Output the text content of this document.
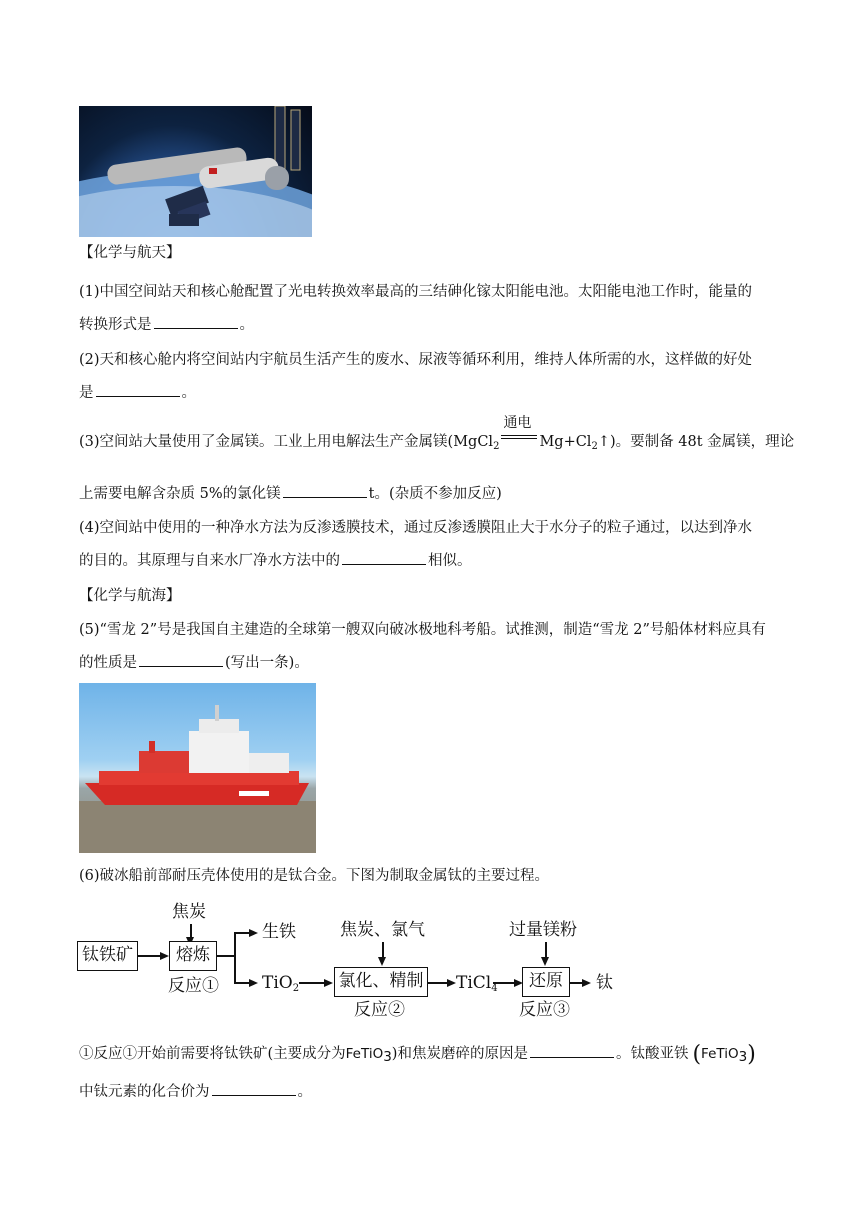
【化学与航天】
(1)中国空间站天和核心舱配置了光电转换效率最高的三结砷化镓太阳能电池。太阳能电池工作时，能量的
转换形式是	。
(2)天和核心舱内将空间站内宇航员生活产生的废水、尿液等循环利用，维持人体所需的水，这样做的好处
是	。
(3)空间站大量使用了金属镁。工业上用电解法生产金属镁(MgCl$_2$
通电
$Mg+Cl_2↑$)。要制备 48t 金属镁，理论
上需要电解含杂质 5%的氯化镁	t。(杂质不参加反应)
(4)空间站中使用的一种净水方法为反渗透膜技术，通过反渗透膜阻止大于水分子的粒子通过，以达到净水
的目的。其原理与自来水厂净水方法中的	相似。
【化学与航海】
(5)“雪龙 2”号是我国自主建造的全球第一艘双向破冰极地科考船。试推测，制造“雪龙 2”号船体材料应具有
的性质是	(写出一条)。
(6)破冰船前部耐压壳体使用的是钛合金。下图为制取金属钛的主要过程。
焦炭
钛铁矿	熔炼
反应①
生铁
TiO$_2$
焦炭、氯气
氯化、精制
反应②
TiCl$_4$
过量镁粉
还原
反应③
钛
①反应①开始前需要将钛铁矿(主要成分为FeTiO$_3$)和焦炭磨碎的原因是	。钛酸亚铁 (FeTiO$_3$)
中钛元素的化合价为	。
